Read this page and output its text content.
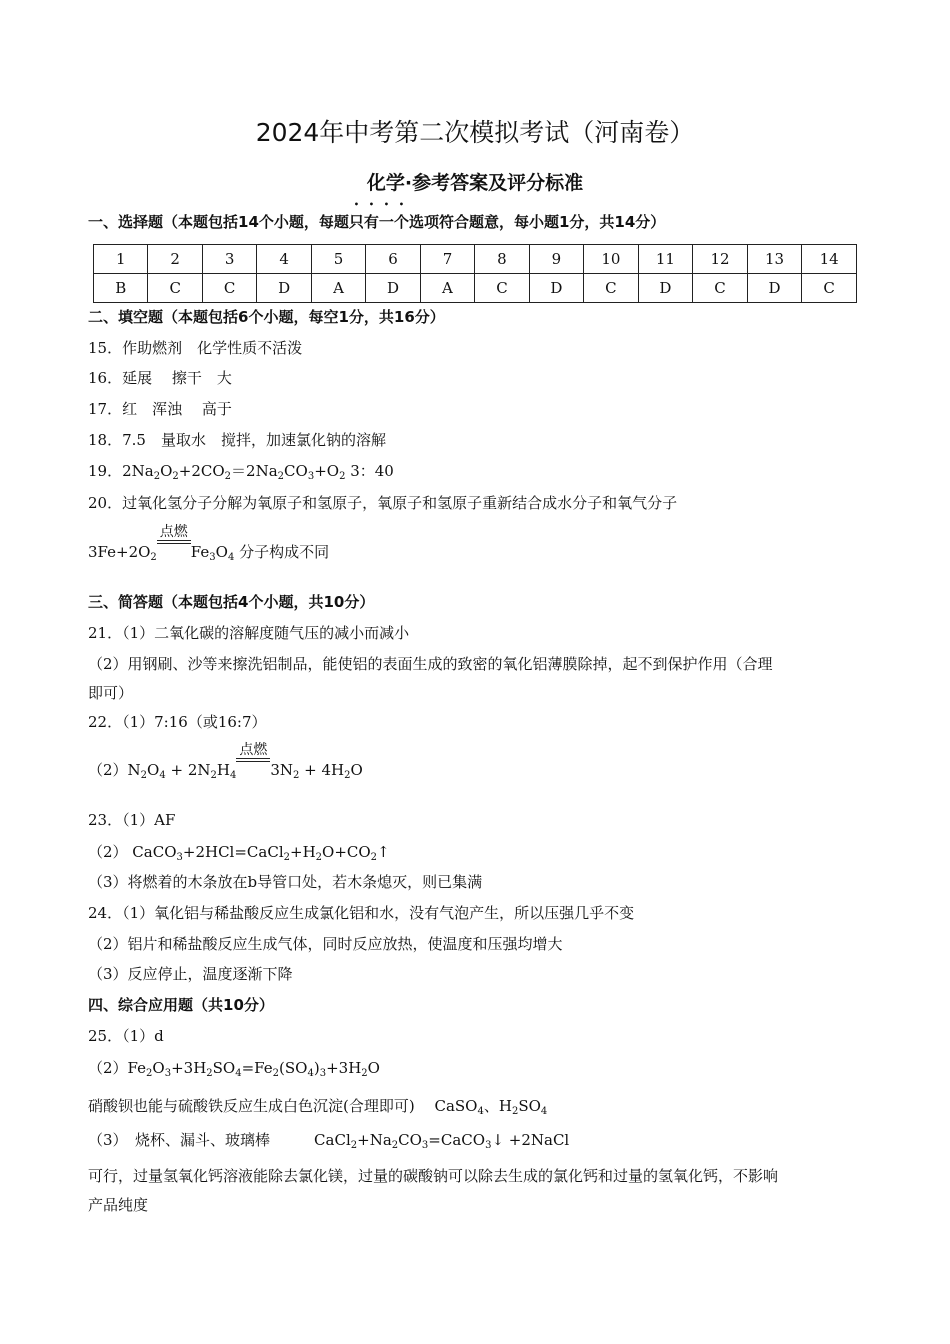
2024年中考第二次模拟考试（河南卷）
化学·参考答案及评分标准
一、选择题（本题包括14个小题，每题只有一个选项符合题意，每小题1分，共14分）
1	2	3	4	5	6	7	8	9	10	11	12	13	14
B	C	C	D	A	D	A	C	D	C	D	C	D	C
二、填空题（本题包括6个小题，每空1分，共16分）
15．作助燃剂　化学性质不活泼
16．延展　 擦干　大
17．红　浑浊　 高于
18．7.5　量取水　搅拌，加速氯化钠的溶解
19．$2Na_2O_2+2CO_2=2Na_2CO_3+O_2$ 3：40
20．过氧化氢分子分解为氧原子和氢原子，氧原子和氢原子重新结合成水分子和氧气分子
$3Fe+2O_2$
点燃
$Fe_3O_4$ 分子构成不同
三、简答题（本题包括4个小题，共10分）
21．（1）二氧化碳的溶解度随气压的减小而减小
（2）用钢刷、沙等来擦洗铝制品，能使铝的表面生成的致密的氧化铝薄膜除掉，起不到保护作用（合理
即可）
22．（1）7:16（或16:7）
$(2)N_2O_4 + 2N_2H_4$
点燃
$3N_2 + 4H_2O$
23．（1）AF
（2） $CaCO_3+2HCl=CaCl_2+H_2O+CO_2↑$
（3）将燃着的木条放在b导管口处，若木条熄灭，则已集满
24．（1）氧化铝与稀盐酸反应生成氯化铝和水，没有气泡产生，所以压强几乎不变
（2）铝片和稀盐酸反应生成气体，同时反应放热，使温度和压强均增大
（3）反应停止，温度逐渐下降
四、综合应用题（共10分）
25．（1）d
$(2)Fe_2O_3+3H_2SO_4=Fe_2(SO_4)_3+3H_2O$
硝酸钡也能与硫酸铁反应生成白色沉淀(合理即可)　 CaSO$_4$、$H_2SO_4$
（3）　烧杯、漏斗、玻璃棒	$CaCl_2+Na_2CO_3=CaCO_3↓$ +2NaCl
可行，过量氢氧化钙溶液能除去氯化镁，过量的碳酸钠可以除去生成的氯化钙和过量的氢氧化钙，不影响
产品纯度
